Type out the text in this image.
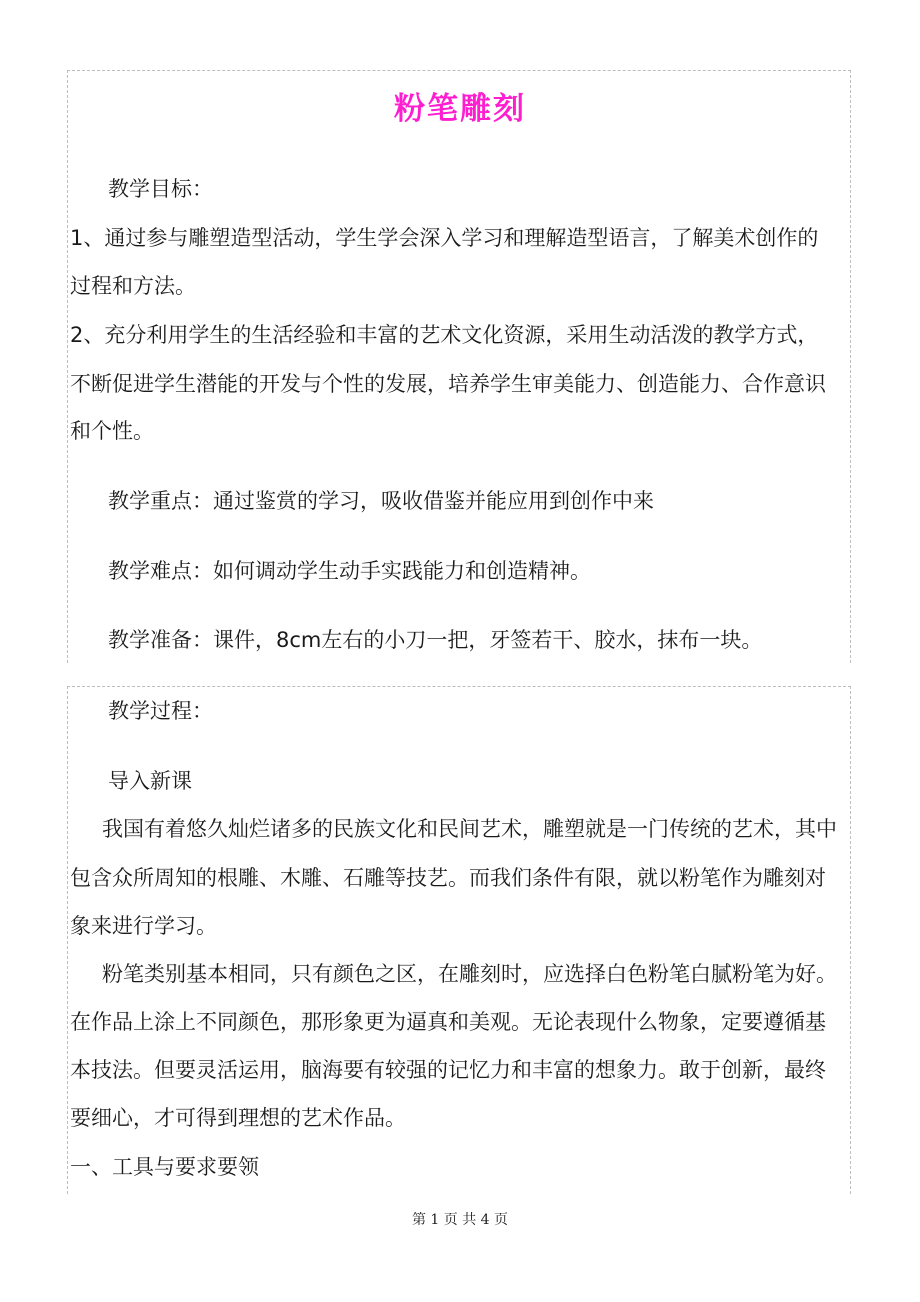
粉笔雕刻

教学目标：

1、通过参与雕塑造型活动，学生学会深入学习和理解造型语言，了解美术创作的

过程和方法。

2、充分利用学生的生活经验和丰富的艺术文化资源，采用生动活泼的教学方式，

不断促进学生潜能的开发与个性的发展，培养学生审美能力、创造能力、合作意识

和个性。

教学重点：通过鉴赏的学习，吸收借鉴并能应用到创作中来

教学难点：如何调动学生动手实践能力和创造精神。

教学准备：课件，8cm左右的小刀一把，牙签若干、胶水，抹布一块。

教学过程：

导入新课

我国有着悠久灿烂诸多的民族文化和民间艺术，雕塑就是一门传统的艺术，其中

包含众所周知的根雕、木雕、石雕等技艺。而我们条件有限，就以粉笔作为雕刻对

象来进行学习。

粉笔类别基本相同，只有颜色之区，在雕刻时，应选择白色粉笔白腻粉笔为好。

在作品上涂上不同颜色，那形象更为逼真和美观。无论表现什么物象，定要遵循基

本技法。但要灵活运用，脑海要有较强的记忆力和丰富的想象力。敢于创新，最终

要细心，才可得到理想的艺术作品。

一、工具与要求要领

第 1 页 共 4 页
